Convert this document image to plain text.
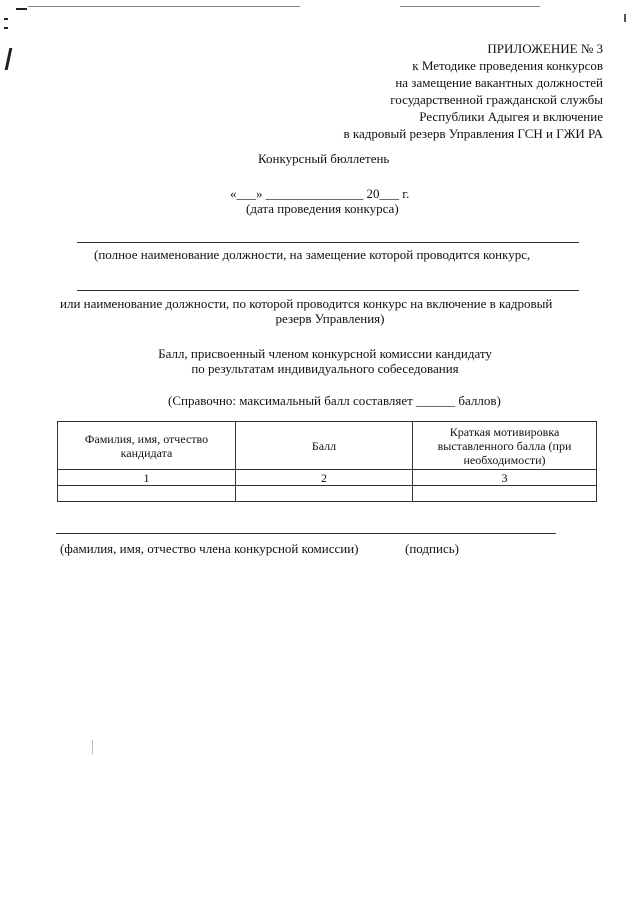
ПРИЛОЖЕНИЕ № 3
к Методике проведения конкурсов
на замещение вакантных должностей
государственной гражданской службы
Республики Адыгея и включение
в кадровый резерв Управления ГСН и ГЖИ РА
Конкурсный бюллетень
«___» _______________ 20___ г.
(дата проведения конкурса)
(полное наименование должности, на замещение которой проводится конкурс,
или наименование должности, по которой проводится конкурс на включение в кадровый
резерв Управления)
Балл, присвоенный членом конкурсной комиссии кандидату
по результатам индивидуального собеседования
(Справочно: максимальный балл составляет ______ баллов)
Фамилия, имя, отчество кандидата	Балл	Краткая мотивировка выставленного балла (при необходимости)
1	2	3

(фамилия, имя, отчество члена конкурсной комиссии)	(подпись)
